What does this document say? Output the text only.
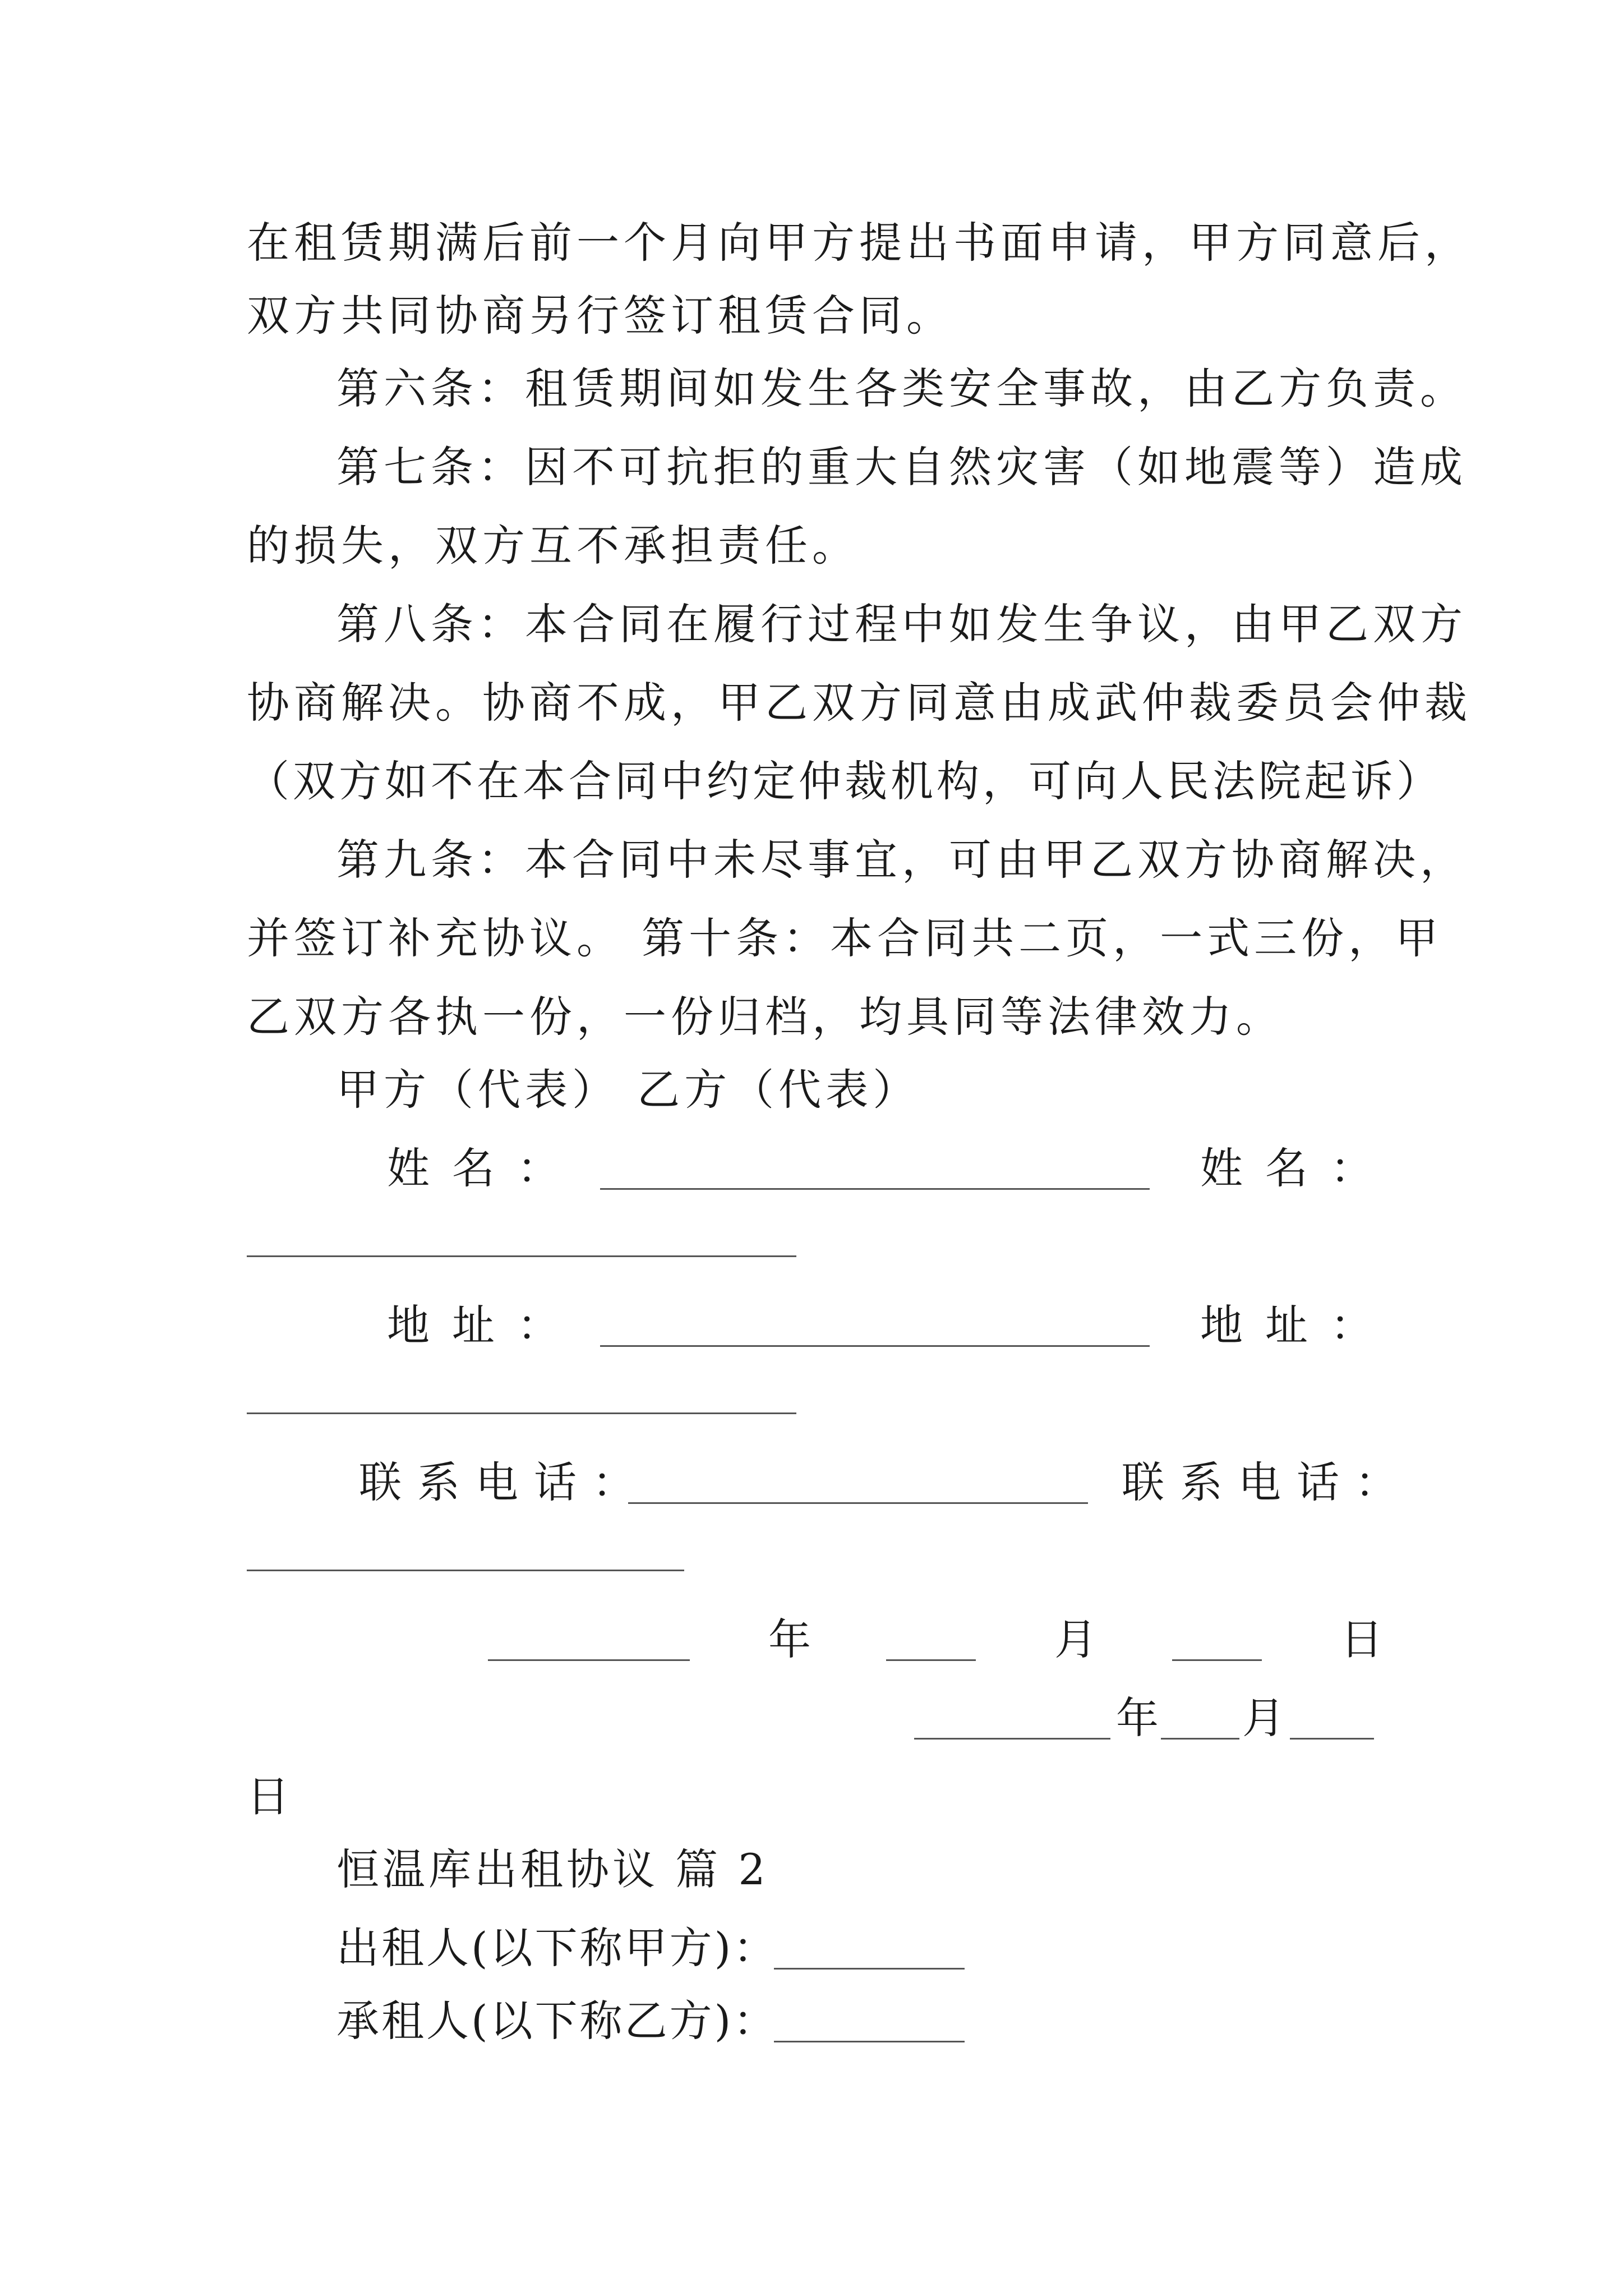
在租赁期满后前一个月向甲方提出书面申请，甲方同意后，
双方共同协商另行签订租赁合同。
第六条：租赁期间如发生各类安全事故，由乙方负责。
第七条：因不可抗拒的重大自然灾害（如地震等）造成
的损失，双方互不承担责任。
第八条：本合同在履行过程中如发生争议，由甲乙双方
协商解决。协商不成，甲乙双方同意由成武仲裁委员会仲裁
（双方如不在本合同中约定仲裁机构，可向人民法院起诉）
第九条：本合同中未尽事宜，可由甲乙双方协商解决，
并签订补充协议。 第十条：本合同共二页，一式三份，甲
乙双方各执一份，一份归档，均具同等法律效力。
甲方（代表） 乙方（代表）
姓名：	姓名：
地址：	地址：
联系电话：	联系电话：
年	月	日
年 月
日
恒温库出租协议 篇 2
出租人(以下称甲方)：
承租人(以下称乙方)：
